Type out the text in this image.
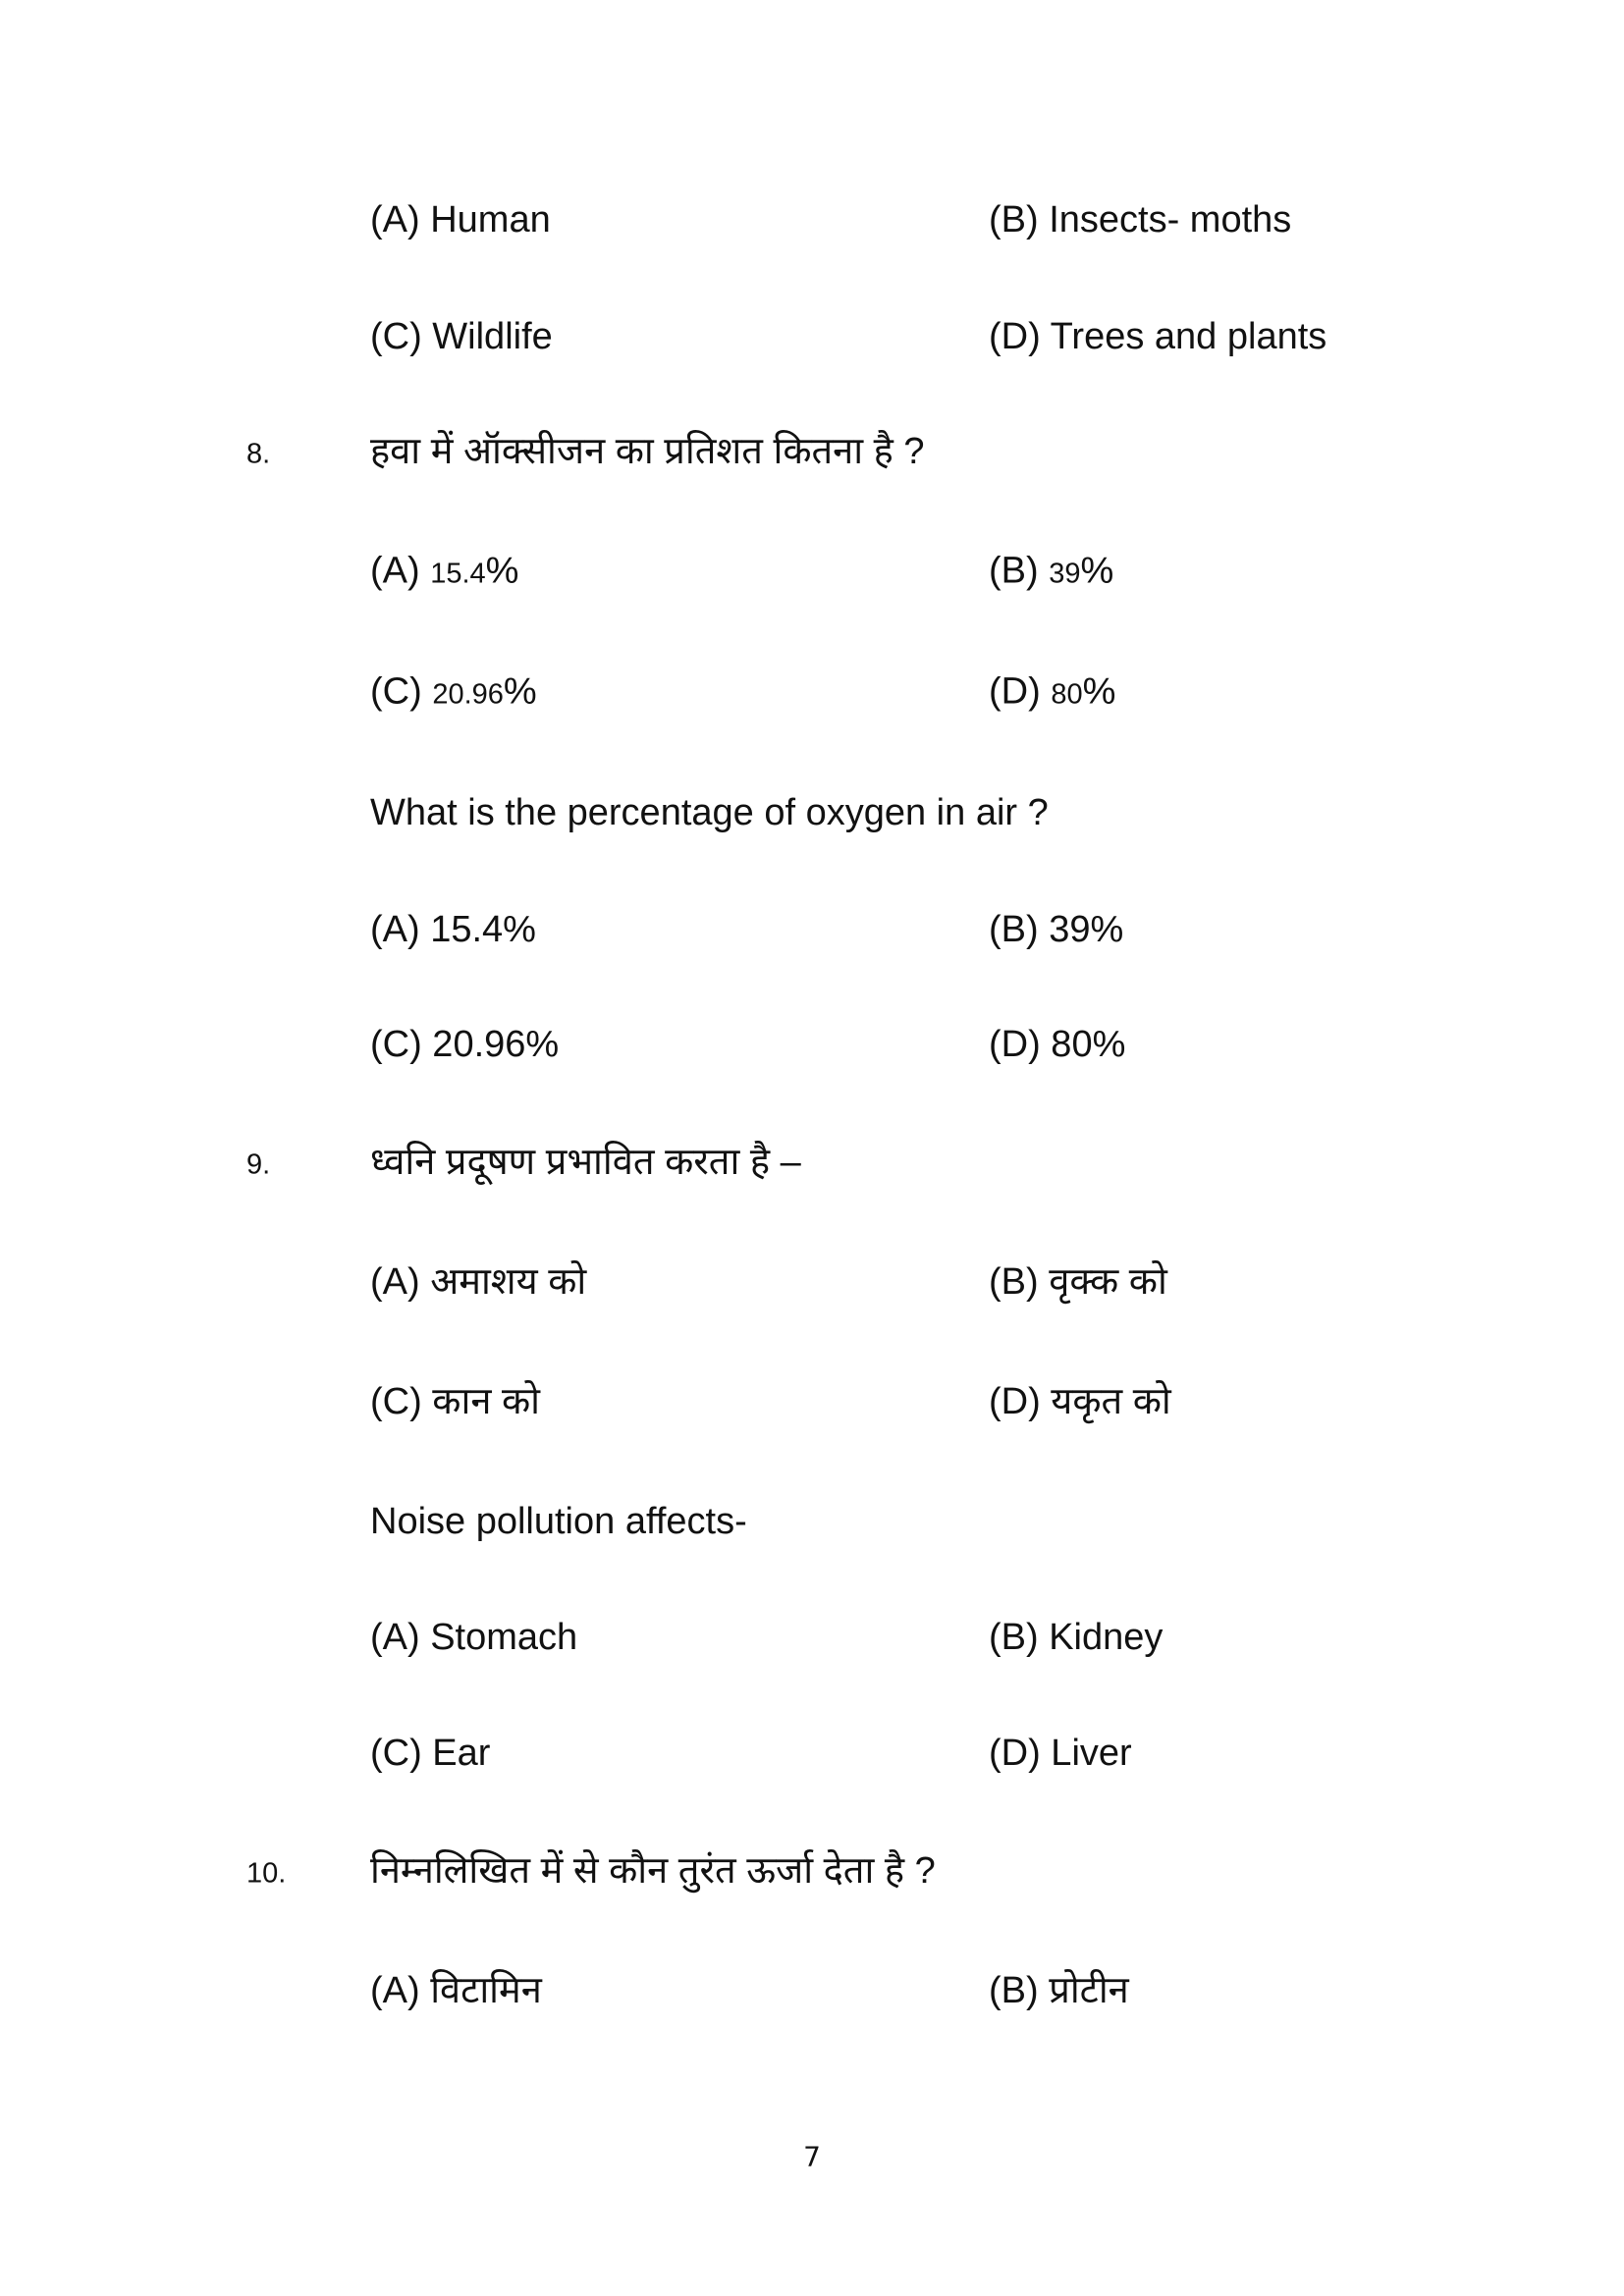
(A) Human	(B) Insects- moths
(C) Wildlife	(D) Trees and plants
8.	हवा में ऑक्सीजन का प्रतिशत कितना है ?
(A) 15.4%	(B) 39%
(C) 20.96%	(D) 80%
What is the percentage of oxygen in air ?
(A) 15.4%	(B) 39%
(C) 20.96%	(D) 80%
9.	ध्वनि प्रदूषण प्रभावित करता है –
(A) अमाशय को	(B) वृक्क को
(C) कान को	(D) यकृत को
Noise pollution affects-
(A) Stomach	(B) Kidney
(C) Ear	(D) Liver
10. निम्नलिखित में से कौन तुरंत ऊर्जा देता है ?
(A) विटामिन	(B) प्रोटीन
7
